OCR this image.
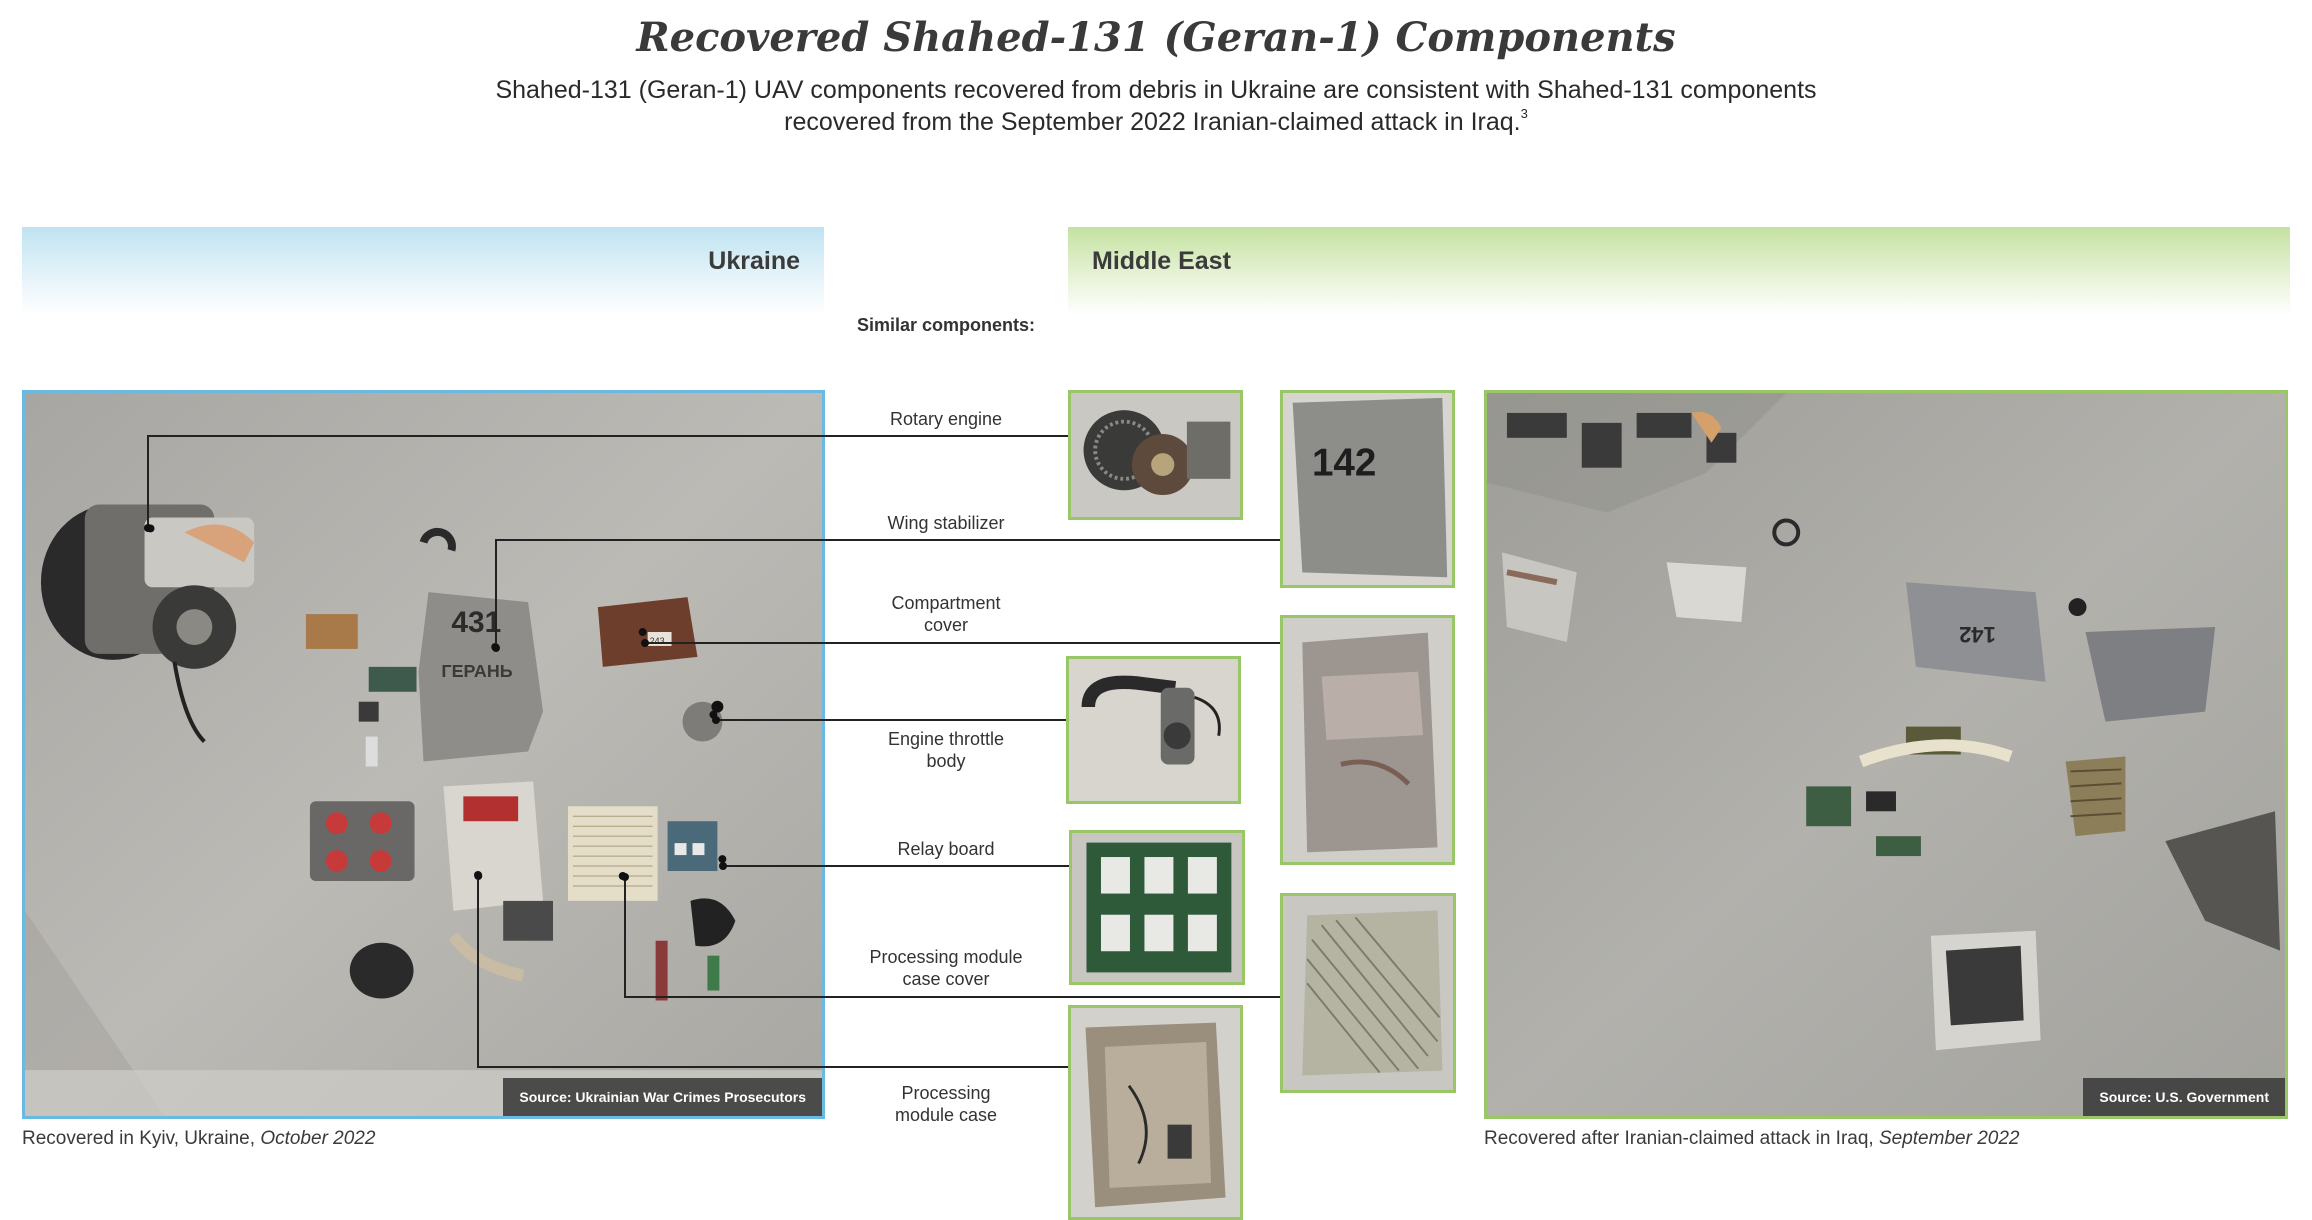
Recovered Shahed-131 (Geran-1) Components
Shahed-131 (Geran-1) UAV components recovered from debris in Ukraine are consistent with Shahed-131 components
recovered from the September 2022 Iranian-claimed attack in Iraq.$^3$
Ukraine	Middle East
Similar components:
Rotary engine
Wing stabilizer
Compartment cover
Engine throttle body
Relay board
Processing module case cover
Processing module case
431
ГЕРАНЬ
243
Source: Ukrainian War Crimes Prosecutors
Recovered in Kyiv, Ukraine, October 2022
142
142
Source: U.S. Government
Recovered after Iranian-claimed attack in Iraq, September 2022
